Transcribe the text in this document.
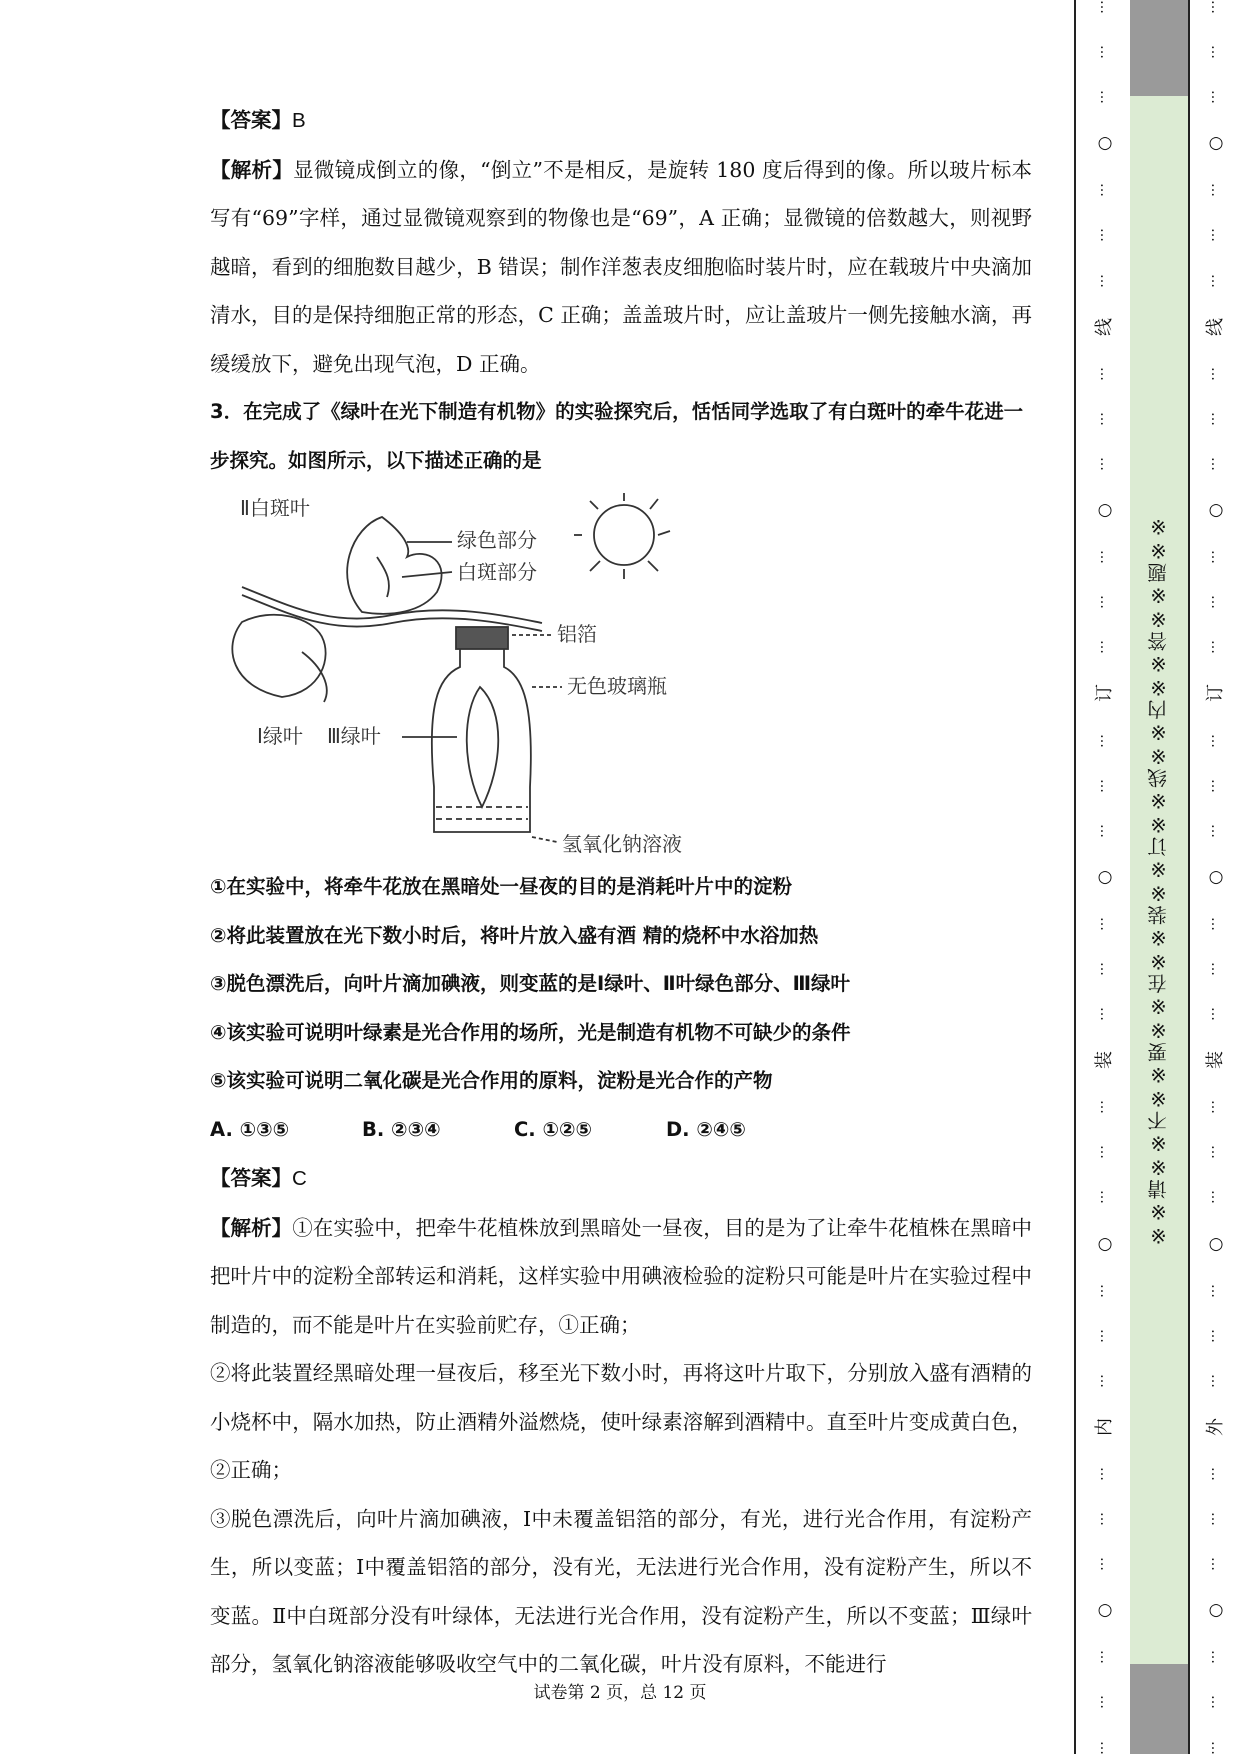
【答案】B

【解析】显微镜成倒立的像，“倒立”不是相反，是旋转 180 度后得到的像。所以玻片标本写有“69”字样，通过显微镜观察到的物像也是“69”，A 正确；显微镜的倍数越大，则视野越暗，看到的细胞数目越少，B 错误；制作洋葱表皮细胞临时装片时，应在载玻片中央滴加清水，目的是保持细胞正常的形态，C 正确；盖盖玻片时，应让盖玻片一侧先接触水滴，再缓缓放下，避免出现气泡，D 正确。

3．在完成了《绿叶在光下制造有机物》的实验探究后，恬恬同学选取了有白斑叶的牵牛花进一步探究。如图所示，以下描述正确的是

Ⅱ白斑叶
绿色部分
白斑部分
铝箔
无色玻璃瓶
氢氧化钠溶液
Ⅰ绿叶 Ⅲ绿叶

①在实验中，将牵牛花放在黑暗处一昼夜的目的是消耗叶片中的淀粉

②将此装置放在光下数小时后，将叶片放入盛有酒 精的烧杯中水浴加热

③脱色漂洗后，向叶片滴加碘液，则变蓝的是Ⅰ绿叶、Ⅱ叶绿色部分、Ⅲ绿叶

④该实验可说明叶绿素是光合作用的场所，光是制造有机物不可缺少的条件

⑤该实验可说明二氧化碳是光合作用的原料，淀粉是光合作的产物

A. ①③⑤	B. ②③④	C. ①②⑤	D. ②④⑤

【答案】C

【解析】①在实验中，把牵牛花植株放到黑暗处一昼夜，目的是为了让牵牛花植株在黑暗中把叶片中的淀粉全部转运和消耗，这样实验中用碘液检验的淀粉只可能是叶片在实验过程中制造的，而不能是叶片在实验前贮存，①正确；

②将此装置经黑暗处理一昼夜后，移至光下数小时，再将这叶片取下，分别放入盛有酒精的小烧杯中，隔水加热，防止酒精外溢燃烧，使叶绿素溶解到酒精中。直至叶片变成黄白色，②正确；

③脱色漂洗后，向叶片滴加碘液，Ⅰ中未覆盖铝箔的部分，有光，进行光合作用，有淀粉产生，所以变蓝；Ⅰ中覆盖铝箔的部分，没有光，无法进行光合作用，没有淀粉产生，所以不变蓝。Ⅱ中白斑部分没有叶绿体，无法进行光合作用，没有淀粉产生，所以不变蓝；Ⅲ绿叶部分，氢氧化钠溶液能够吸收空气中的二氧化碳，叶片没有原料，不能进行

试卷第 2 页，总 12 页
※※请※※不※※要※※在※※装※※订※※线※※内※※答※※题※※
…
…
…
○
…
…
…
线
…
…
…
○
…
…
…
订
…
…
…
○
…
…
…
装
…
…
…
○
…
…
…
内
…
…
…
○
…
…
…
…
…
…
○
…
…
…
线
…
…
…
○
…
…
…
订
…
…
…
○
…
…
…
装
…
…
…
○
…
…
…
外
…
…
…
○
…
…
…
